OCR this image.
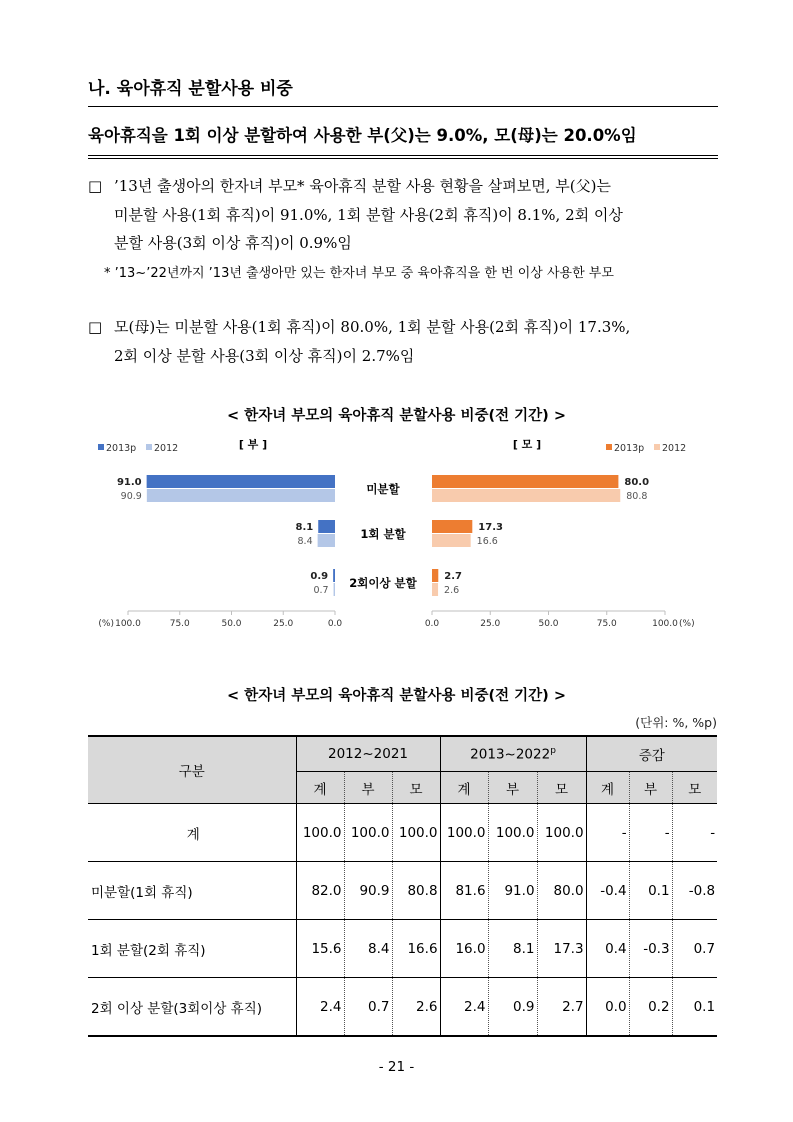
나. 육아휴직 분할사용 비중
육아휴직을 1회 이상 분할하여 사용한 부(父)는 9.0%, 모(母)는 20.0%임
□ ’13년 출생아의 한자녀 부모* 육아휴직 분할 사용 현황을 살펴보면, 부(父)는
미분할 사용(1회 휴직)이 91.0%, 1회 분할 사용(2회 휴직)이 8.1%, 2회 이상
분할 사용(3회 이상 휴직)이 0.9%임
* ’13~’22년까지 ’13년 출생아만 있는 한자녀 부모 중 육아휴직을 한 번 이상 사용한 부모
□ 모(母)는 미분할 사용(1회 휴직)이 80.0%, 1회 분할 사용(2회 휴직)이 17.3%,
2회 이상 분할 사용(3회 이상 휴직)이 2.7%임
< 한자녀 부모의 육아휴직 분할사용 비중(전 기간) >
2013p 2012	2013p 2012
[ 부 ]	[ 모 ]
91.0
90.9
80.0
80.8
미분할
8.1
8.4
17.3
16.6
1회 분할
0.9
0.7
2.7
2.6
2회이상 분할
100.0	75.0	50.0	25.0	0.0	0.0	25.0	50.0	75.0	100.0
(%)	(%)
< 한자녀 부모의 육아휴직 분할사용 비중(전 기간) >
(단위: %, %p)
구분	2012~2021			2013~2022$^p$			증감		
	계	부	모	계	부	모	계	부	모
계	100.0	100.0	100.0	100.0	100.0	100.0	-	-	-
미분할(1회 휴직)	82.0	90.9	80.8	81.6	91.0	80.0	-0.4	0.1	-0.8
1회 분할(2회 휴직)	15.6	8.4	16.6	16.0	8.1	17.3	0.4	-0.3	0.7
2회 이상 분할(3회이상 휴직)	2.4	0.7	2.6	2.4	0.9	2.7	0.0	0.2	0.1
- 21 -
